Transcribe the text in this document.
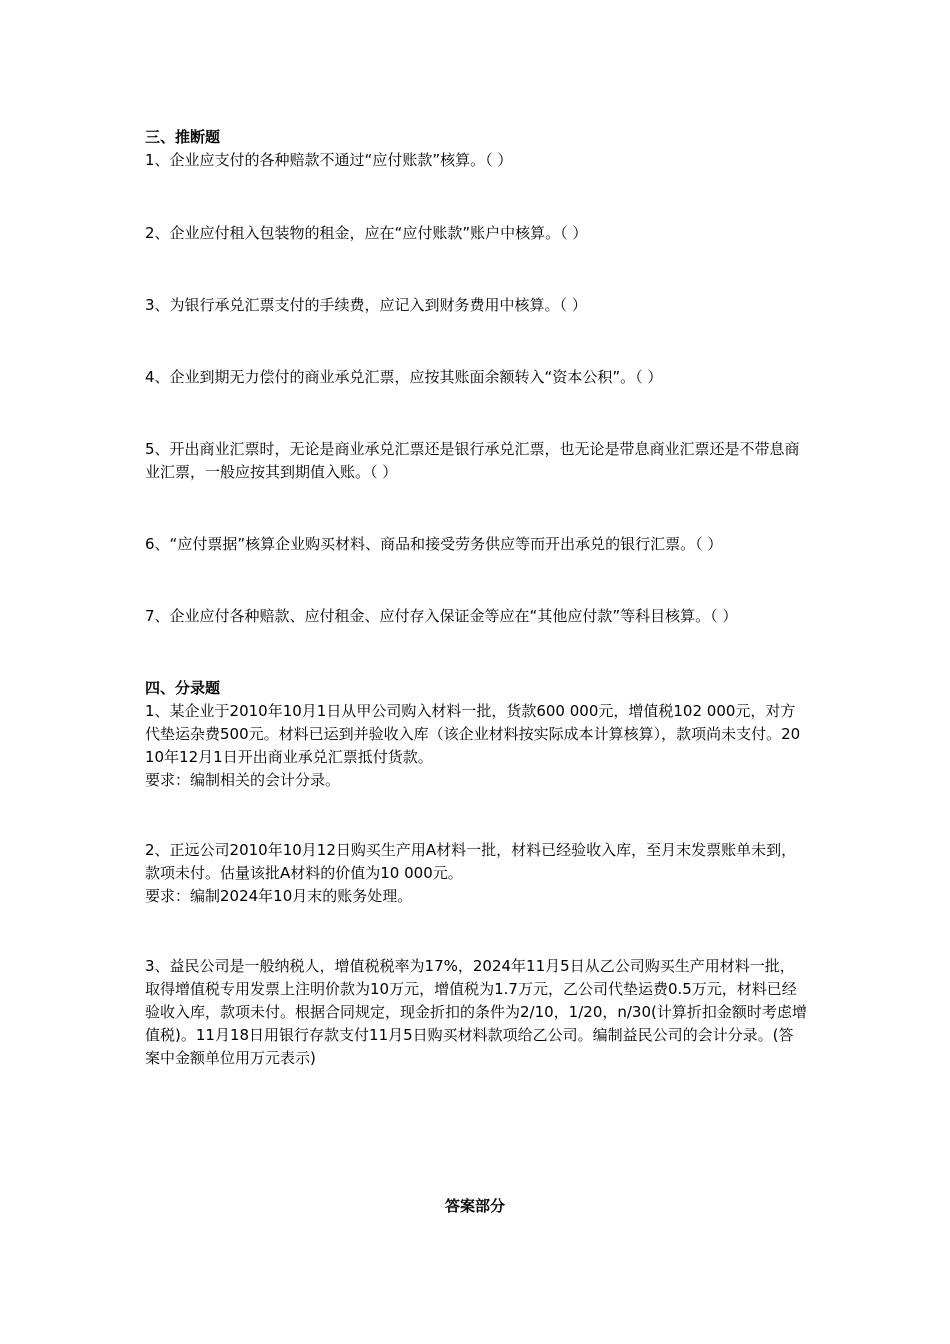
三、推断题

1、企业应支付的各种赔款不通过“应付账款”核算。（ ）

2、企业应付租入包装物的租金，应在“应付账款”账户中核算。（ ）

3、为银行承兑汇票支付的手续费，应记入到财务费用中核算。（ ）

4、企业到期无力偿付的商业承兑汇票，应按其账面余额转入“资本公积”。（ ）

5、开出商业汇票时，无论是商业承兑汇票还是银行承兑汇票，也无论是带息商业汇票还是不带息商业汇票，一般应按其到期值入账。（ ）

6、“应付票据”核算企业购买材料、商品和接受劳务供应等而开出承兑的银行汇票。（ ）

7、企业应付各种赔款、应付租金、应付存入保证金等应在“其他应付款”等科目核算。（ ）

四、分录题

1、某企业于2010年10月1日从甲公司购入材料一批，货款600 000元，增值税102 000元，对方代垫运杂费500元。材料已运到并验收入库（该企业材料按实际成本计算核算），款项尚未支付。2010年12月1日开出商业承兑汇票抵付货款。

要求：编制相关的会计分录。

2、正远公司2010年10月12日购买生产用A材料一批，材料已经验收入库，至月末发票账单未到，款项未付。估量该批A材料的价值为10 000元。

要求：编制2024年10月末的账务处理。

3、益民公司是一般纳税人，增值税税率为17%，2024年11月5日从乙公司购买生产用材料一批，取得增值税专用发票上注明价款为10万元，增值税为1.7万元，乙公司代垫运费0.5万元，材料已经验收入库，款项未付。根据合同规定，现金折扣的条件为2/10，1/20，n/30(计算折扣金额时考虑增值税)。11月18日用银行存款支付11月5日购买材料款项给乙公司。编制益民公司的会计分录。(答案中金额单位用万元表示)

答案部分
